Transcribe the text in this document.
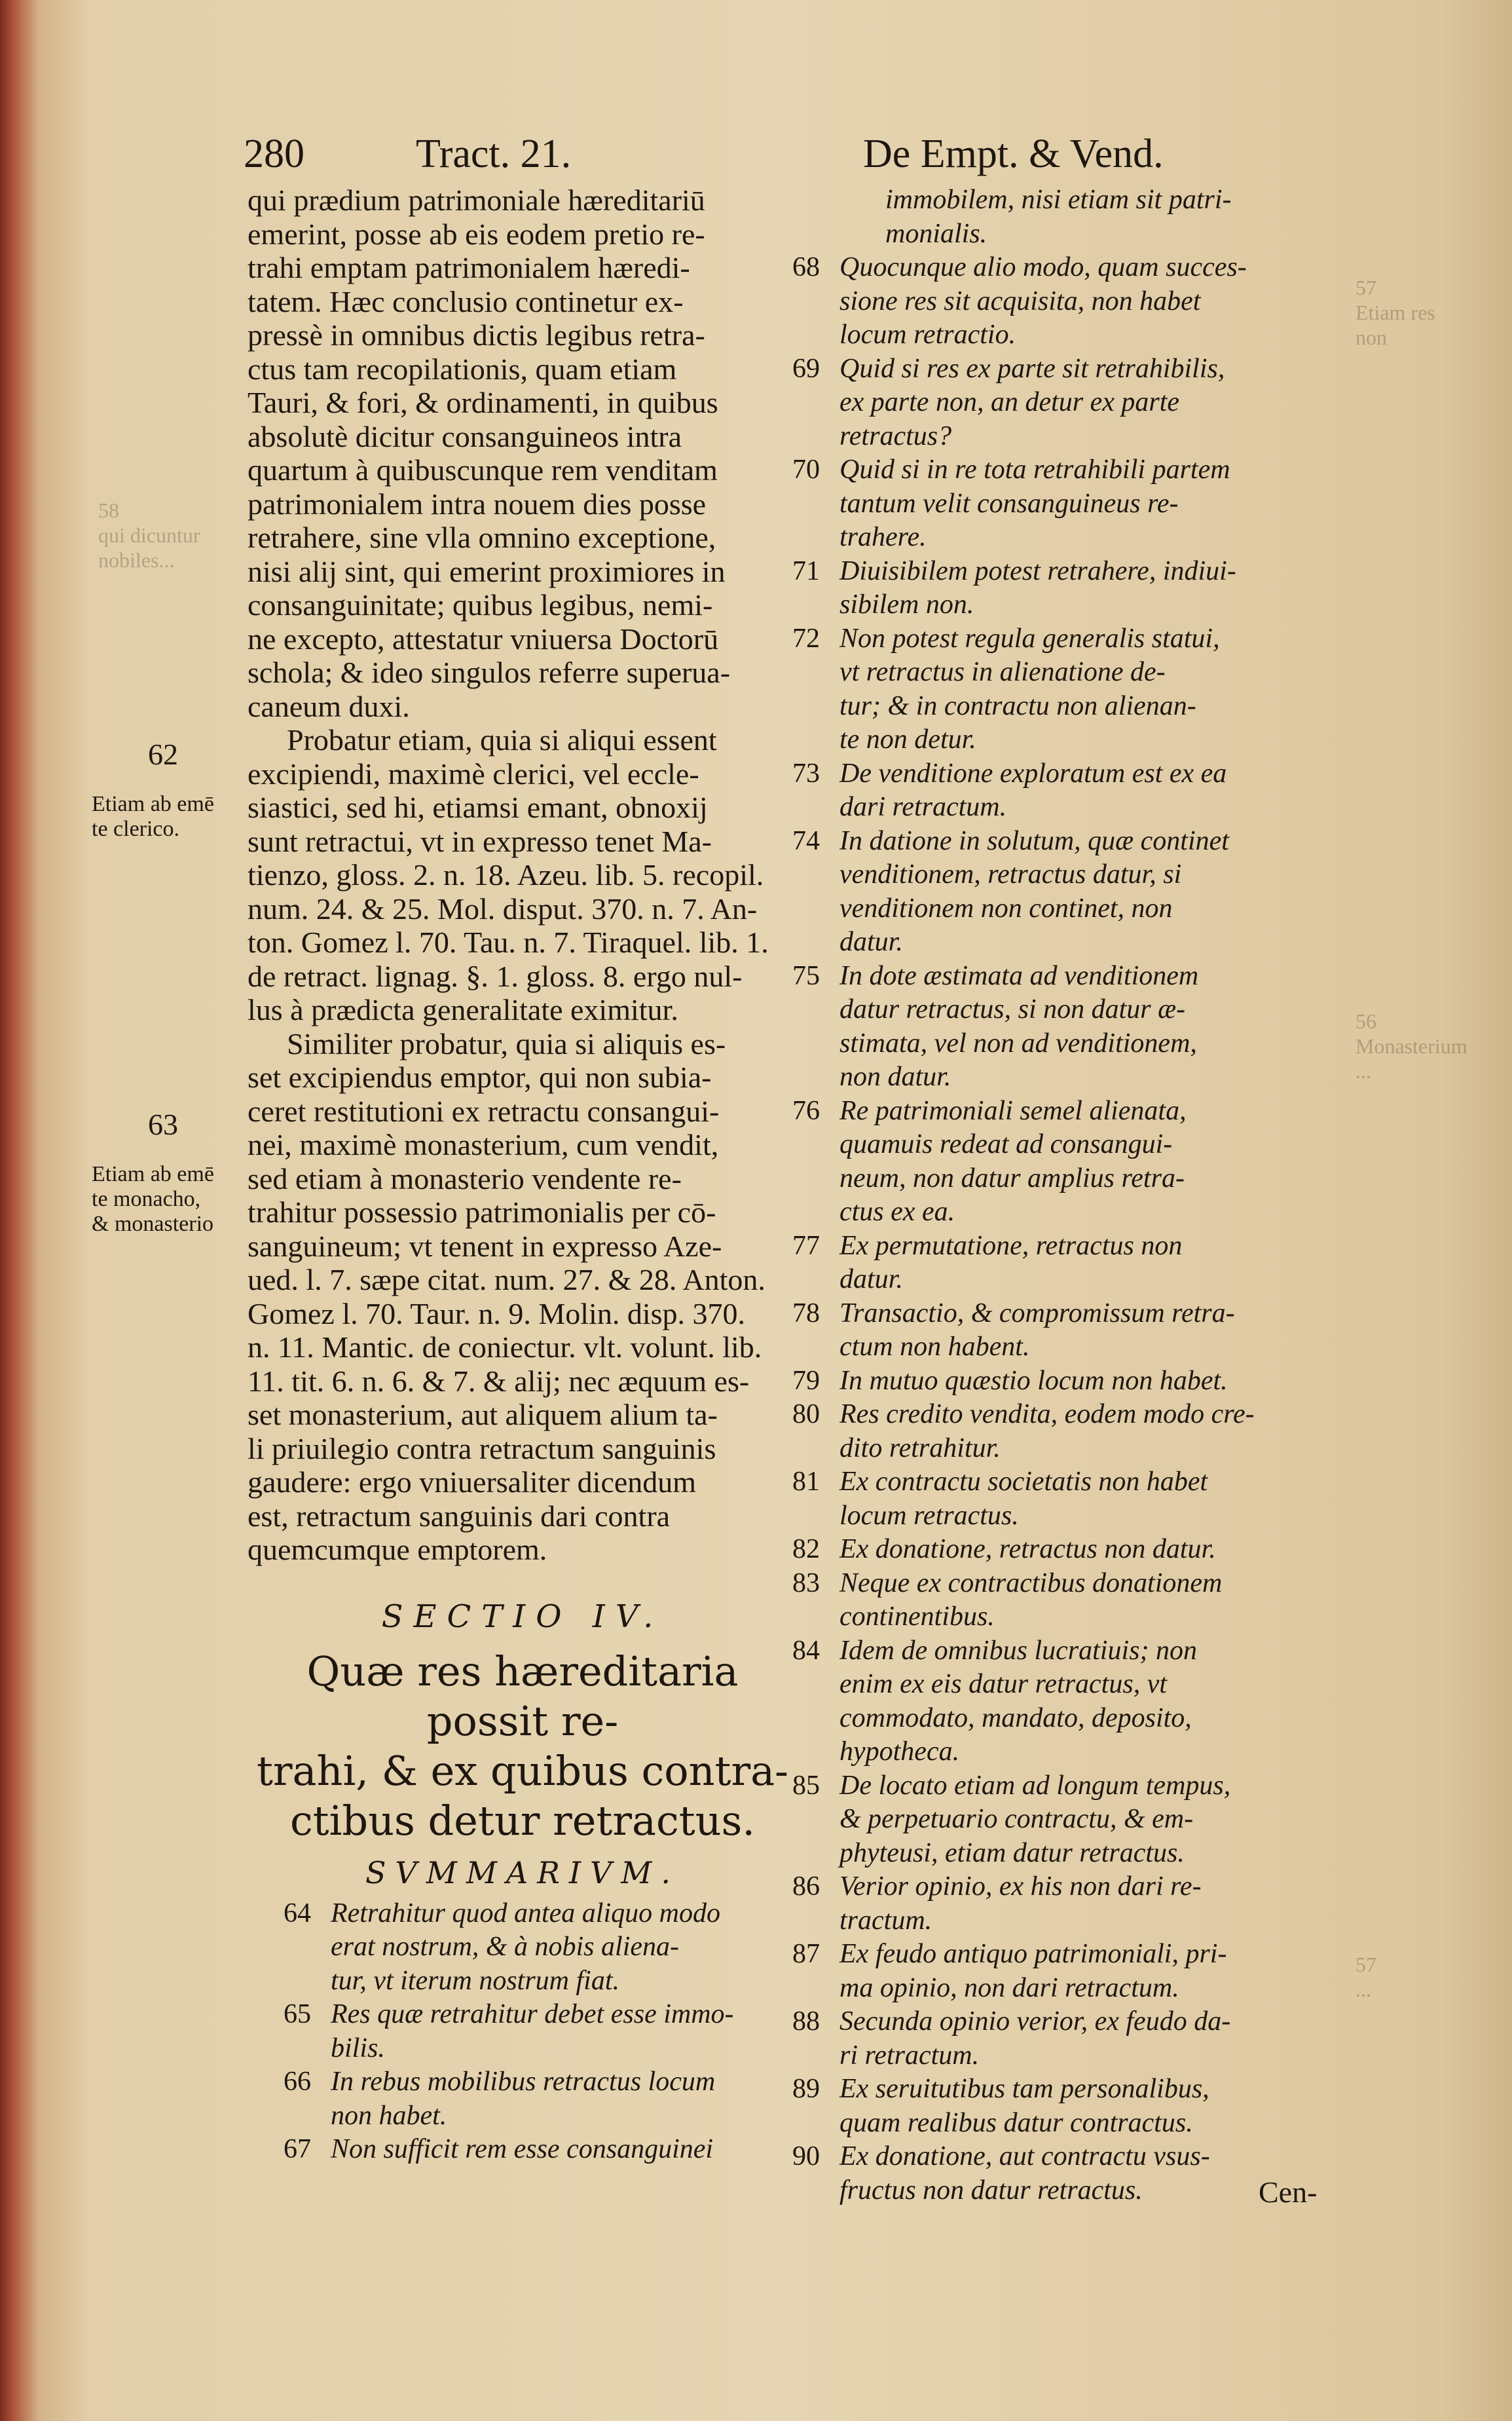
280	Tract. 21.	De Empt. & Vend.
58
qui dicuntur
nobiles...
57
Etiam res
non
56
Monasterium
...
57
...

62

Etiam ab emē
te clerico.

63

Etiam ab emē
te monacho,
& monasterio

qui prædium patrimoniale hæreditariū
emerint, posse ab eis eodem pretio re-
trahi emptam patrimonialem hæredi-
tatem. Hæc conclusio continetur ex-
pressè in omnibus dictis legibus retra-
ctus tam recopilationis, quam etiam
Tauri, & fori, & ordinamenti, in quibus
absolutè dicitur consanguineos intra
quartum à quibuscunque rem venditam
patrimonialem intra nouem dies posse
retrahere, sine vlla omnino exceptione,
nisi alij sint, qui emerint proximiores in
consanguinitate; quibus legibus, nemi-
ne excepto, attestatur vniuersa Doctorū
schola; & ideo singulos referre superua-
caneum duxi.
Probatur etiam, quia si aliqui essent
excipiendi, maximè clerici, vel eccle-
siastici, sed hi, etiamsi emant, obnoxij
sunt retractui, vt in expresso tenet Ma-
tienzo, gloss. 2. n. 18. Azeu. lib. 5. recopil.
num. 24. & 25. Mol. disput. 370. n. 7. An-
ton. Gomez l. 70. Tau. n. 7. Tiraquel. lib. 1.
de retract. lignag. §. 1. gloss. 8. ergo nul-
lus à prædicta generalitate eximitur.
Similiter probatur, quia si aliquis es-
set excipiendus emptor, qui non subia-
ceret restitutioni ex retractu consangui-
nei, maximè monasterium, cum vendit,
sed etiam à monasterio vendente re-
trahitur possessio patrimonialis per cō-
sanguineum; vt tenent in expresso Aze-
ued. l. 7. sæpe citat. num. 27. & 28. Anton.
Gomez l. 70. Taur. n. 9. Molin. disp. 370.
n. 11. Mantic. de coniectur. vlt. volunt. lib.
11. tit. 6. n. 6. & 7. & alij; nec æquum es-
set monasterium, aut aliquem alium ta-
li priuilegio contra retractum sanguinis
gaudere: ergo vniuersaliter dicendum
est, retractum sanguinis dari contra
quemcumque emptorem.
SECTIO IV.
Quæ res hæreditaria possit re-
trahi, & ex quibus contra-
ctibus detur retractus.
SVMMARIVM.
64 Retrahitur quod antea aliquo modo
erat nostrum, & à nobis aliena-
tur, vt iterum nostrum fiat.
65 Res quæ retrahitur debet esse immo-
bilis.
66 In rebus mobilibus retractus locum
non habet.
67 Non sufficit rem esse consanguinei
immobilem, nisi etiam sit patri-
monialis.
68 Quocunque alio modo, quam succes-
sione res sit acquisita, non habet
locum retractio.
69 Quid si res ex parte sit retrahibilis,
ex parte non, an detur ex parte
retractus?
70 Quid si in re tota retrahibili partem
tantum velit consanguineus re-
trahere.
71 Diuisibilem potest retrahere, indiui-
sibilem non.
72 Non potest regula generalis statui,
vt retractus in alienatione de-
tur; & in contractu non alienan-
te non detur.
73 De venditione exploratum est ex ea
dari retractum.
74 In datione in solutum, quæ continet
venditionem, retractus datur, si
venditionem non continet, non
datur.
75 In dote æstimata ad venditionem
datur retractus, si non datur æ-
stimata, vel non ad venditionem,
non datur.
76 Re patrimoniali semel alienata,
quamuis redeat ad consangui-
neum, non datur amplius retra-
ctus ex ea.
77 Ex permutatione, retractus non
datur.
78 Transactio, & compromissum retra-
ctum non habent.
79 In mutuo quæstio locum non habet.
80 Res credito vendita, eodem modo cre-
dito retrahitur.
81 Ex contractu societatis non habet
locum retractus.
82 Ex donatione, retractus non datur.
83 Neque ex contractibus donationem
continentibus.
84 Idem de omnibus lucratiuis; non
enim ex eis datur retractus, vt
commodato, mandato, deposito,
hypotheca.
85 De locato etiam ad longum tempus,
& perpetuario contractu, & em-
phyteusi, etiam datur retractus.
86 Verior opinio, ex his non dari re-
tractum.
87 Ex feudo antiquo patrimoniali, pri-
ma opinio, non dari retractum.
88 Secunda opinio verior, ex feudo da-
ri retractum.
89 Ex seruitutibus tam personalibus,
quam realibus datur contractus.
90 Ex donatione, aut contractu vsus-
fructus non datur retractus.	Cen-
